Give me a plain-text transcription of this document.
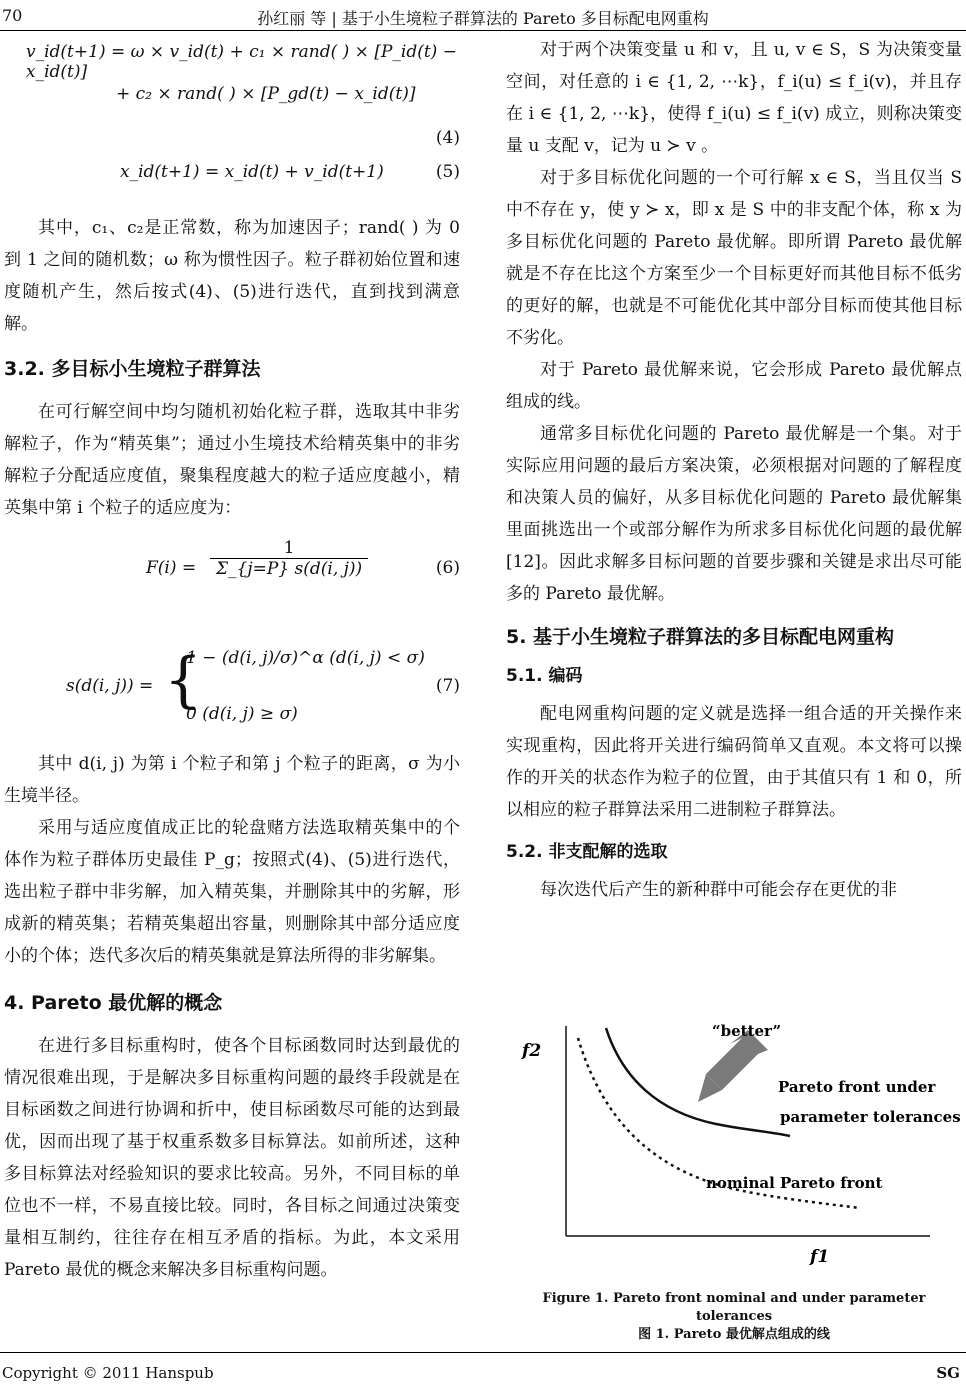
70	孙红丽 等 | 基于小生境粒子群算法的 Pareto 多目标配电网重构
v_id(t+1) = ω × v_id(t) + c₁ × rand( ) × [P_id(t) − x_id(t)]
+ c₂ × rand( ) × [P_gd(t) − x_id(t)]
(4)
x_id(t+1) = x_id(t) + v_id(t+1)	(5)

其中，c₁、c₂是正常数，称为加速因子；rand( ) 为 0 到 1 之间的随机数；ω 称为惯性因子。粒子群初始位置和速度随机产生，然后按式(4)、(5)进行迭代，直到找到满意解。

3.2. 多目标小生境粒子群算法

在可行解空间中均匀随机初始化粒子群，选取其中非劣解粒子，作为“精英集”；通过小生境技术给精英集中的非劣解粒子分配适应度值，聚集程度越大的粒子适应度越小，精英集中第 i 个粒子的适应度为：

$F(i) = \frac{1}{\Sigma\_\{j=P\} s(d(i, j))}$	(6)
s(d(i, j)) = {
1 − (d(i, j)/σ)^α (d(i, j) < σ)
0 (d(i, j) ≥ σ)
(7)

其中 d(i, j) 为第 i 个粒子和第 j 个粒子的距离，σ 为小生境半径。

采用与适应度值成正比的轮盘赌方法选取精英集中的个体作为粒子群体历史最佳 P_g；按照式(4)、(5)进行迭代，选出粒子群中非劣解，加入精英集，并删除其中的劣解，形成新的精英集；若精英集超出容量，则删除其中部分适应度小的个体；迭代多次后的精英集就是算法所得的非劣解集。

4. Pareto 最优解的概念

在进行多目标重构时，使各个目标函数同时达到最优的情况很难出现，于是解决多目标重构问题的最终手段就是在目标函数之间进行协调和折中，使目标函数尽可能的达到最优，因而出现了基于权重系数多目标算法。如前所述，这种多目标算法对经验知识的要求比较高。另外，不同目标的单位也不一样，不易直接比较。同时，各目标之间通过决策变量相互制约，往往存在相互矛盾的指标。为此，本文采用 Pareto 最优的概念来解决多目标重构问题。

对于两个决策变量 u 和 v，且 u, v ∈ S，S 为决策变量空间，对任意的 i ∈ {1, 2, ⋯k}，f_i(u) ≤ f_i(v)，并且存在 i ∈ {1, 2, ⋯k}，使得 f_i(u) ≤ f_i(v) 成立，则称决策变量 u 支配 v，记为 u ≻ v 。

对于多目标优化问题的一个可行解 x ∈ S，当且仅当 S 中不存在 y，使 y ≻ x，即 x 是 S 中的非支配个体，称 x 为多目标优化问题的 Pareto 最优解。即所谓 Pareto 最优解就是不存在比这个方案至少一个目标更好而其他目标不低劣的更好的解，也就是不可能优化其中部分目标而使其他目标不劣化。

对于 Pareto 最优解来说，它会形成 Pareto 最优解点组成的线。

通常多目标优化问题的 Pareto 最优解是一个集。对于实际应用问题的最后方案决策，必须根据对问题的了解程度和决策人员的偏好，从多目标优化问题的 Pareto 最优解集里面挑选出一个或部分解作为所求多目标优化问题的最优解[12]。因此求解多目标问题的首要步骤和关键是求出尽可能多的 Pareto 最优解。

5. 基于小生境粒子群算法的多目标配电网重构
5.1. 编码

配电网重构问题的定义就是选择一组合适的开关操作来实现重构，因此将开关进行编码简单又直观。本文将可以操作的开关的状态作为粒子的位置，由于其值只有 1 和 0，所以相应的粒子群算法采用二进制粒子群算法。

5.2. 非支配解的选取

每次迭代后产生的新种群中可能会存在更优的非

f2
f1
“better”
Pareto front under
parameter tolerances
nominal Pareto front
Figure 1. Pareto front nominal and under parameter tolerances
图 1. Pareto 最优解点组成的线
Copyright © 2011 Hanspub	SG
